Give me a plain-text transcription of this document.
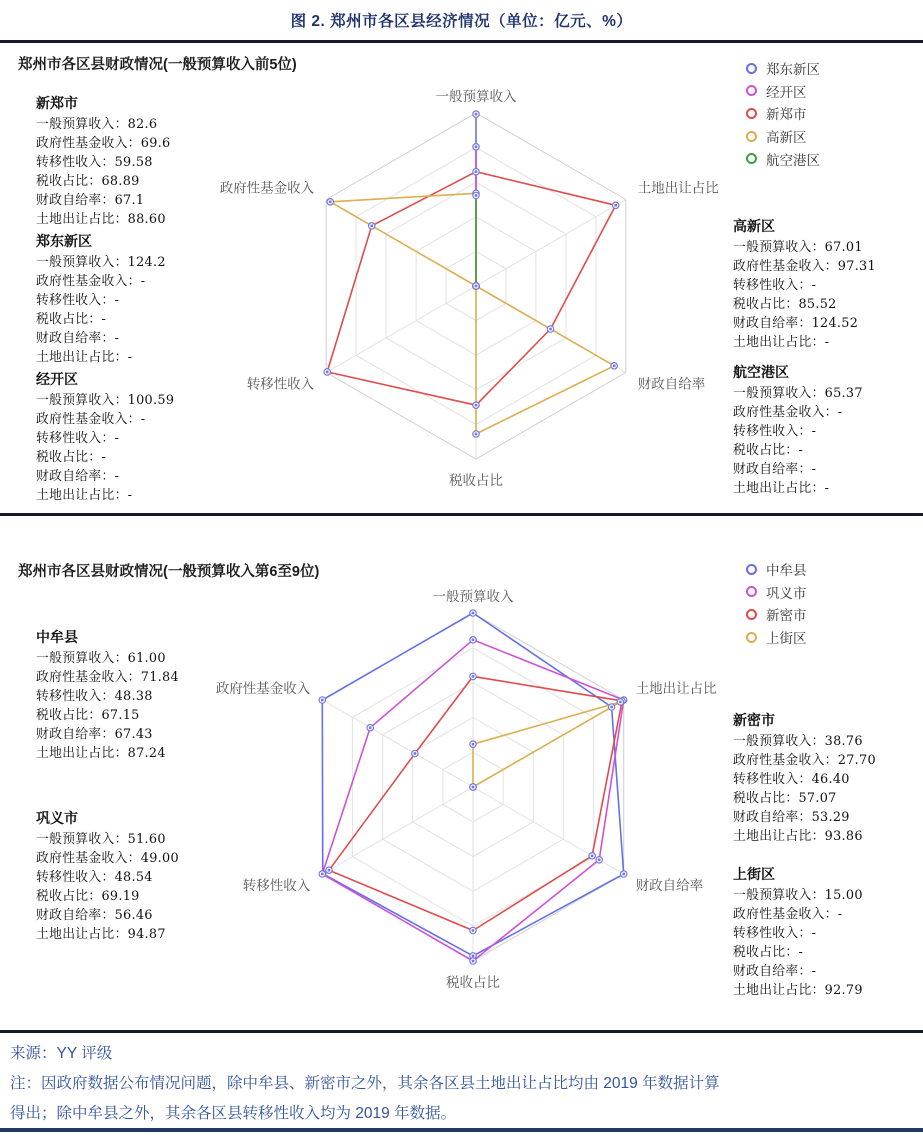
图 2. 郑州市各区县经济情况（单位：亿元、%）
一般预算收入
土地出让占比
财政自给率
税收占比
转移性收入
政府性基金收入
郑州市各区县财政情况(一般预算收入前5位)	郑东新区
经开区
新郑市
高新区
航空港区
新郑市
一般预算收入：82.6
政府性基金收入：69.6
转移性收入：59.58
税收占比：68.89
财政自给率：67.1
土地出让占比：88.60
郑东新区
一般预算收入：124.2
政府性基金收入：-
转移性收入：-
税收占比：-
财政自给率：-
土地出让占比：-
经开区
一般预算收入：100.59
政府性基金收入：-
转移性收入：-
税收占比：-
财政自给率：-
土地出让占比：-
高新区
一般预算收入：67.01
政府性基金收入：97.31
转移性收入：-
税收占比：85.52
财政自给率：124.52
土地出让占比：-
航空港区
一般预算收入：65.37
政府性基金收入：-
转移性收入：-
税收占比：-
财政自给率：-
土地出让占比：-
一般预算收入
土地出让占比
财政自给率
税收占比
转移性收入
政府性基金收入
郑州市各区县财政情况(一般预算收入第6至9位)	中牟县
巩义市
新密市
上街区
中牟县
一般预算收入：61.00
政府性基金收入：71.84
转移性收入：48.38
税收占比：67.15
财政自给率：67.43
土地出让占比：87.24
巩义市
一般预算收入：51.60
政府性基金收入：49.00
转移性收入：48.54
税收占比：69.19
财政自给率：56.46
土地出让占比：94.87
新密市
一般预算收入：38.76
政府性基金收入：27.70
转移性收入：46.40
税收占比：57.07
财政自给率：53.29
土地出让占比：93.86
上街区
一般预算收入：15.00
政府性基金收入：-
转移性收入：-
税收占比：-
财政自给率：-
土地出让占比：92.79
来源：YY 评级
注：因政府数据公布情况问题，除中牟县、新密市之外，其余各区县土地出让占比均由 2019 年数据计算
得出；除中牟县之外，其余各区县转移性收入均为 2019 年数据。
